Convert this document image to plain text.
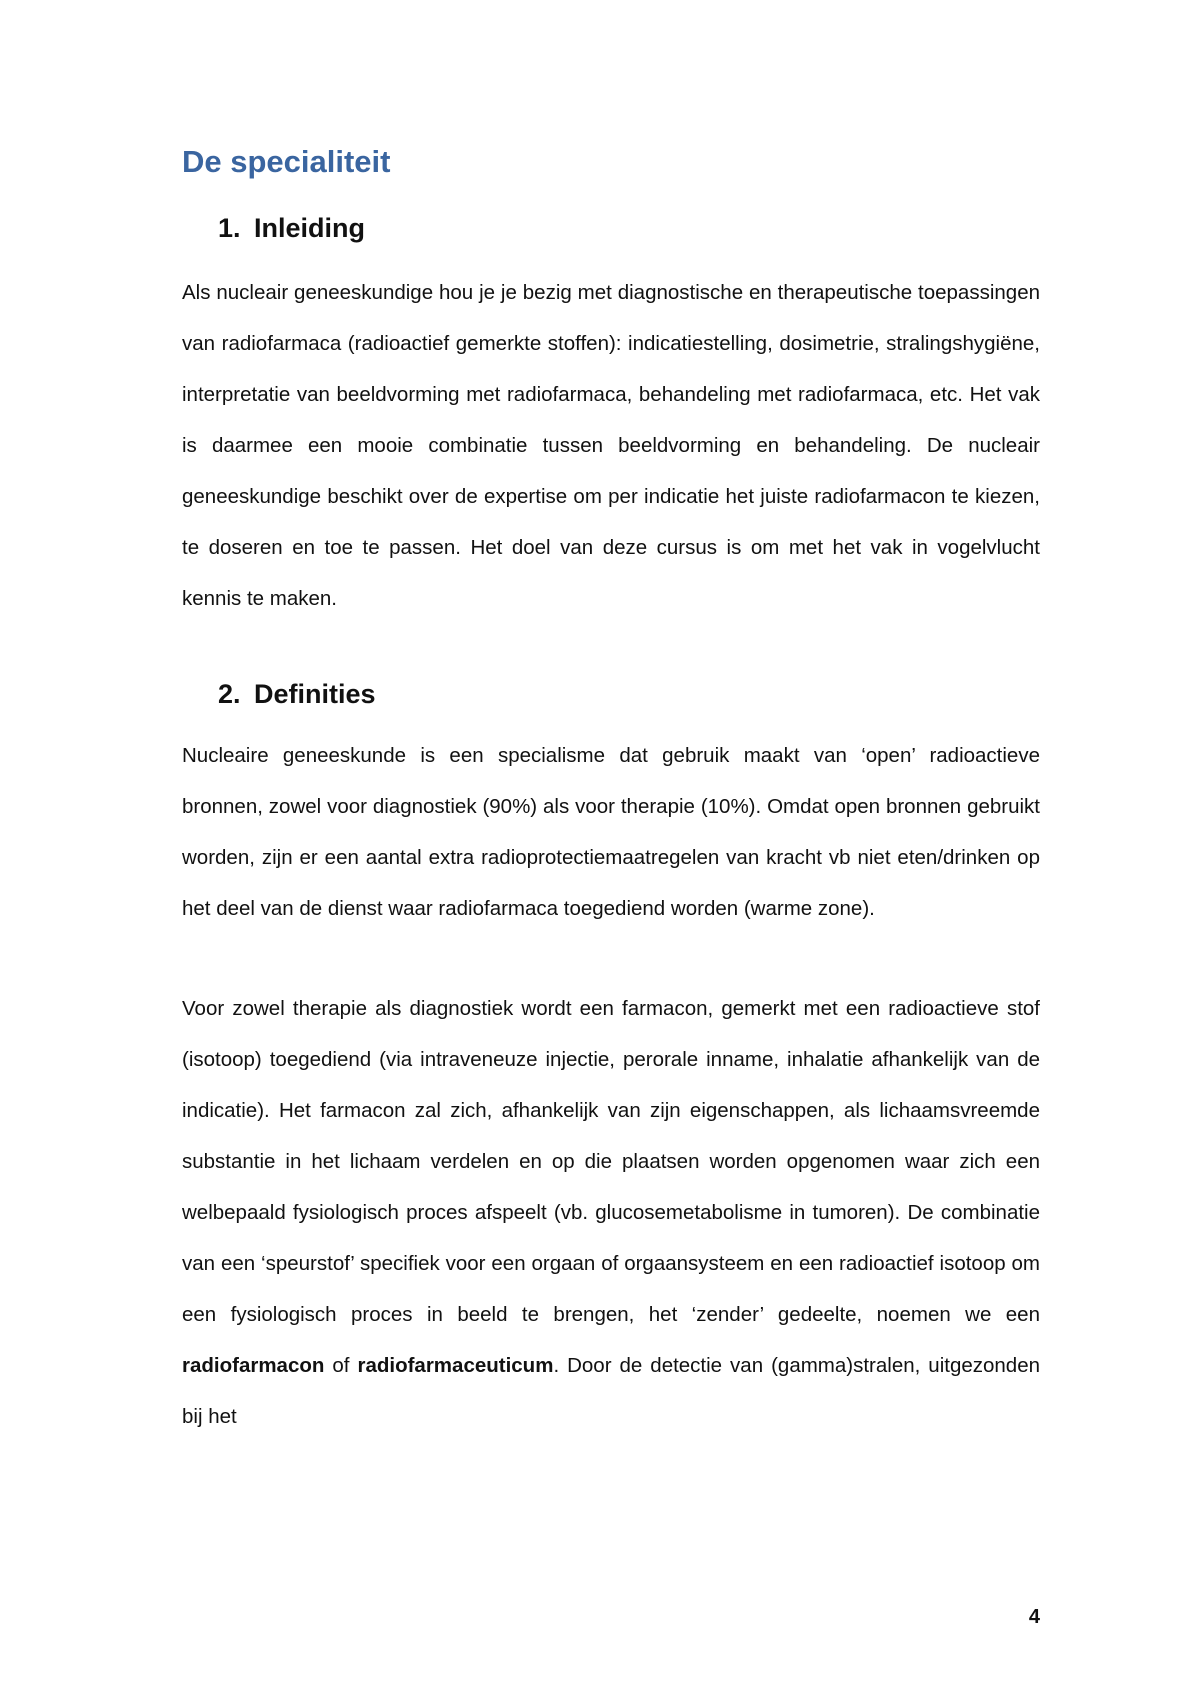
De specialiteit
1. Inleiding

Als nucleair geneeskundige hou je je bezig met diagnostische en therapeutische toepassingen van radiofarmaca (radioactief gemerkte stoffen): indicatiestelling, dosimetrie, stralingshygiëne, interpretatie van beeldvorming met radiofarmaca, behandeling met radiofarmaca, etc. Het vak is daarmee een mooie combinatie tussen beeldvorming en behandeling. De nucleair geneeskundige beschikt over de expertise om per indicatie het juiste radiofarmacon te kiezen, te doseren en toe te passen. Het doel van deze cursus is om met het vak in vogelvlucht kennis te maken.

2. Definities

Nucleaire geneeskunde is een specialisme dat gebruik maakt van ‘open’ radioactieve bronnen, zowel voor diagnostiek (90%) als voor therapie (10%). Omdat open bronnen gebruikt worden, zijn er een aantal extra radioprotectiemaatregelen van kracht vb niet eten/drinken op het deel van de dienst waar radiofarmaca toegediend worden (warme zone).

Voor zowel therapie als diagnostiek wordt een farmacon, gemerkt met een radioactieve stof (isotoop) toegediend (via intraveneuze injectie, perorale inname, inhalatie afhankelijk van de indicatie). Het farmacon zal zich, afhankelijk van zijn eigenschappen, als lichaamsvreemde substantie in het lichaam verdelen en op die plaatsen worden opgenomen waar zich een welbepaald fysiologisch proces afspeelt (vb. glucosemetabolisme in tumoren). De combinatie van een ‘speurstof’ specifiek voor een orgaan of orgaansysteem en een radioactief isotoop om een fysiologisch proces in beeld te brengen, het ‘zender’ gedeelte, noemen we een radiofarmacon of radiofarmaceuticum. Door de detectie van (gamma)stralen, uitgezonden bij het

4
